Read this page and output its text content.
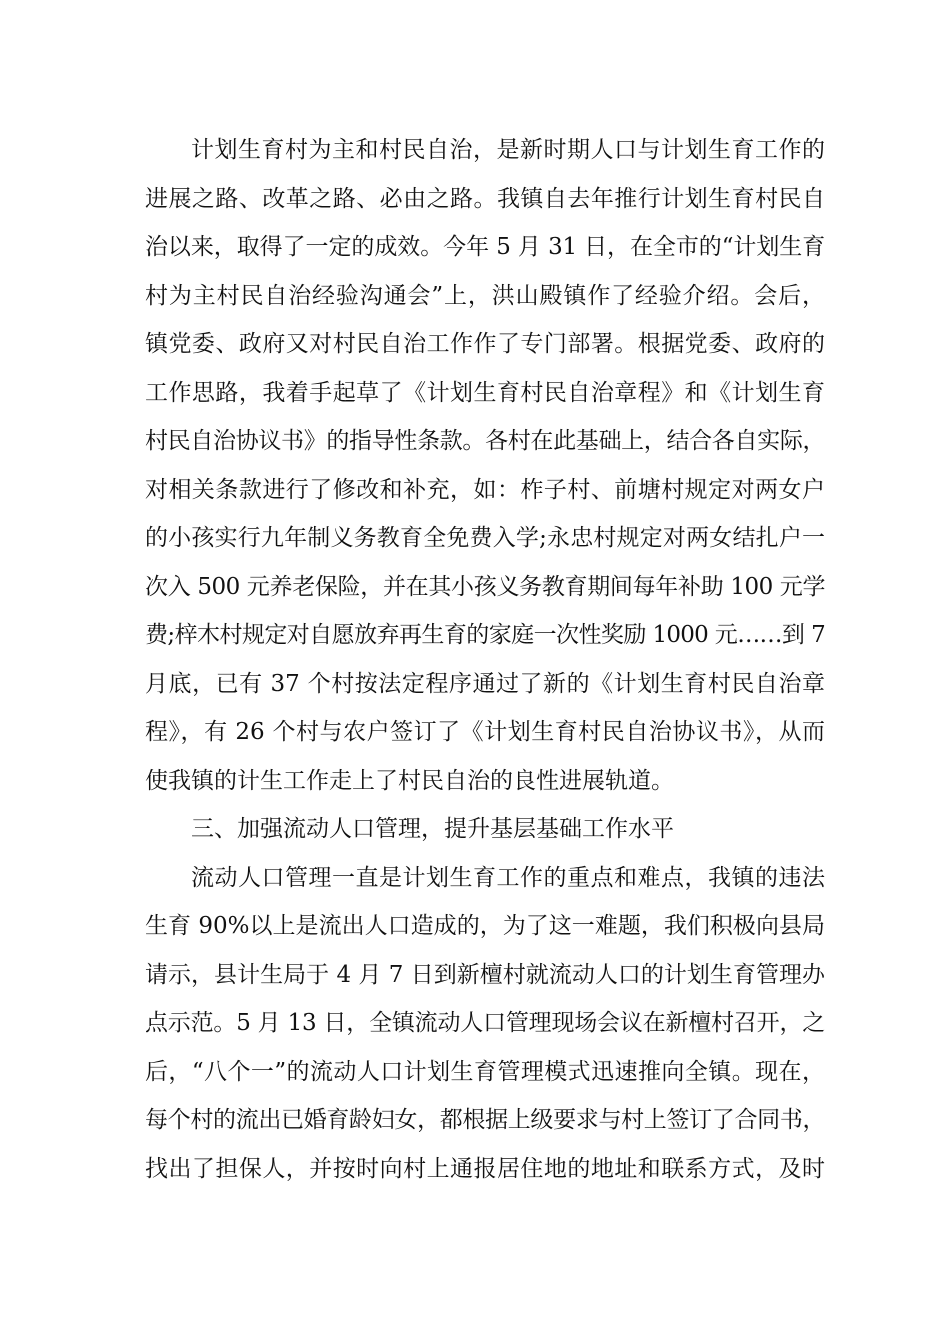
计划生育村为主和村民自治，是新时期人口与计划生育工作的
进展之路、改革之路、必由之路。我镇自去年推行计划生育村民自
治以来，取得了一定的成效。今年 5 月 31 日，在全市的“计划生育
村为主村民自治经验沟通会”上，洪山殿镇作了经验介绍。会后，
镇党委、政府又对村民自治工作作了专门部署。根据党委、政府的
工作思路，我着手起草了《计划生育村民自治章程》和《计划生育
村民自治协议书》的指导性条款。各村在此基础上，结合各自实际，
对相关条款进行了修改和补充，如：柞子村、前塘村规定对两女户
的小孩实行九年制义务教育全免费入学;永忠村规定对两女结扎户一
次入 500 元养老保险，并在其小孩义务教育期间每年补助 100 元学
费;梓木村规定对自愿放弃再生育的家庭一次性奖励 1000 元……到 7
月底，已有 37 个村按法定程序通过了新的《计划生育村民自治章
程》，有 26 个村与农户签订了《计划生育村民自治协议书》，从而
使我镇的计生工作走上了村民自治的良性进展轨道。
三、加强流动人口管理，提升基层基础工作水平
流动人口管理一直是计划生育工作的重点和难点，我镇的违法
生育 90%以上是流出人口造成的，为了这一难题，我们积极向县局
请示，县计生局于 4 月 7 日到新檀村就流动人口的计划生育管理办
点示范。5 月 13 日，全镇流动人口管理现场会议在新檀村召开，之
后，“八个一”的流动人口计划生育管理模式迅速推向全镇。现在，
每个村的流出已婚育龄妇女，都根据上级要求与村上签订了合同书，
找出了担保人，并按时向村上通报居住地的地址和联系方式，及时
